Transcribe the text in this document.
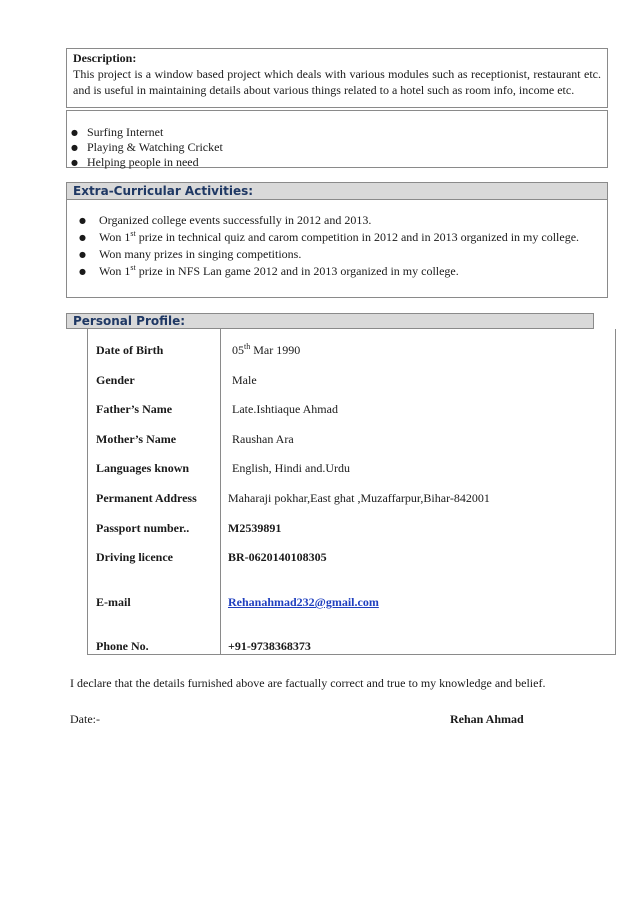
Description:
This project is a window based project which deals with various modules such as receptionist, restaurant etc. and is useful in maintaining details about various things related to a hotel such as room info, income etc.
● Surfing Internet
● Playing & Watching Cricket
● Helping people in need
Extra-Curricular Activities:
●	Organized college events successfully in 2012 and 2013.
●	Won 1st prize in technical quiz and carom competition in 2012 and in 2013 organized in my college.
●	Won many prizes in singing competitions.
●	Won 1st prize in NFS Lan game 2012 and in 2013 organized in my college.
Personal Profile:
Date of Birth	05th Mar 1990
Gender	Male
Father’s Name	Late.Ishtiaque Ahmad
Mother’s Name	Raushan Ara
Languages known	English, Hindi and.Urdu
Permanent Address	Maharaji pokhar,East ghat ,Muzaffarpur,Bihar-842001
Passport number..	M2539891
Driving licence	BR-0620140108305
E-mail	Rehanahmad232@gmail.com
Phone No.	+91-9738368373
I declare that the details furnished above are factually correct and true to my knowledge and belief.
Date:-	Rehan Ahmad
